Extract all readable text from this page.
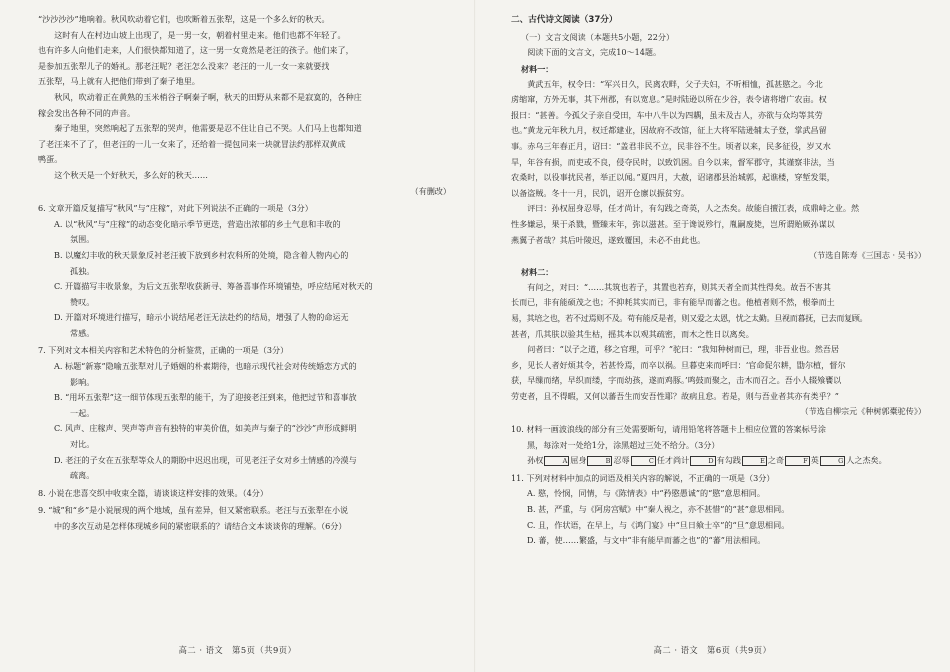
“沙沙沙沙”地响着。秋风吹动着它们，也吹断着五张犁，这是一个多么好的秋天。
这时有人在村边山坡上出现了，是一男一女，朝着村里走来。他们也都不年轻了。
也有许多人向他们走来，人们很快都知道了，这一男一女竟然是老汪的孩子。他们来了，
是参加五张犁儿子的婚礼。那老汪呢？老汪怎么没来？老汪的一儿一女一来就要找
五张犁，马上就有人把他们带到了秦子地里。
秋风，吹动着正在黄熟的玉米梢谷子啊秦子啊，秋天的田野从来都不是寂寞的，各种庄
稼会发出各种不同的声音。
秦子地里，突然响起了五张犁的哭声，他需要是忍不住让自己不哭。人们马上也都知道
了老汪来不了了，但老汪的一儿一女来了，还给着一提包同来一块就冒法约那样双黄成
鸭蛋。
这个秋天是一个好秋天，多么好的秋天……
（有删改）
6. 文章开篇反复描写“秋风”与“庄稼”，对此下列说法不正确的一项是（3分）
A. 以“秋风”与“庄稼”的动态变化暗示季节更迭，营造出浓郁的乡土气息和丰收的
氛围。
B. 以魔幻丰收的秋天景象反衬老汪被下放到乡村农科所的处境，隐含着人物内心的
孤独。
C. 开篇描写丰收景象，为后文五张犁收获新寻、筹备喜事作环境铺垫，呼应结尾对秋天的
赞叹。
D. 开篇对环境进行描写，暗示小说结尾老汪无法赴约的结局，增强了人物的命运无
常感。
7. 下列对文本相关内容和艺术特色的分析鉴赏，正确的一项是（3分）
A. 标题“新寡”隐喻五张犁对儿子婚姻的朴素期待，也暗示现代社会对传统婚恋方式的
影响。
B. “用坏五张犁”这一细节体现五张犁的能干，为了迎接老汪到来，他把过节和喜事放
一起。
C. 风声、庄稼声、哭声等声音有独特的审美价值，如美声与秦子的“沙沙”声形成鲜明
对比。
D. 老汪的子女在五张犁等众人的期盼中迟迟出现，可见老汪子女对乡土情感的冷漠与
疏离。
8. 小说在悲喜交织中收束全篇，请谈谈这样安排的效果。（4分）
9. “城”和“乡”是小说展现的两个地域，虽有差异，但又紧密联系。老汪与五张犁在小说
中的多次互动是怎样体现城乡间的紧密联系的？请结合文本谈谈你的理解。（6分）
高二 · 语文　第5页（共9页）
二、古代诗文阅读（37分）
（一）文言文阅读（本题共5小题，22分）
阅读下面的文言文，完成10～14题。
材料一：
黄武五年，权令曰：“军兴日久，民离农畔，父子夫妇，不听相恤，孤甚愍之。今北
虏缩窜，方外无事，其下州郡，有以宽息。”是时陆逊以所在少谷，表令诸将增广农亩。权
报曰：“甚善。今孤父子亲自受田，车中八牛以为四耦，虽未及古人，亦欲与众均等其劳
也。”黄龙元年秋九月，权迁都建业，因故府不改馆，征上大将军陆逊辅太子登，掌武昌留
事。赤乌三年春正月，诏曰：“盖君非民不立，民非谷不生。顷者以来，民多征役，岁又水
旱，年谷有损，而吏或不良，侵夺民时，以致饥困。自今以来，督军郡守，其谨察非法，当
农桑时，以役事扰民者，举正以闻。”夏四月，大赦，诏诸郡县治城郭，起谯楼，穿堑发渠，
以备盗贼。冬十一月，民饥，诏开仓廪以振贫穷。
评曰：孙权屈身忍辱，任才尚计，有勾践之奇英，人之杰矣。故能自擅江表，成鼎峙之业。然
性多嫌忌，果于杀戮，暨臻末年，弥以滋甚。至于谗说殄行，胤嗣废毙，岂所谓贻厥孙谋以
燕翼子者哉？其后叶陵迟，遂致覆国，未必不由此也。
（节选自陈寿《三国志 · 吴书》）
材料二：
有问之，对曰：“……其筑也若子，其置也若弃，则其天者全而其性得矣。故吾不害其
长而已，非有能硕茂之也；不抑耗其实而已，非有能早而蕃之也。他植者则不然，根拳而土
易，其培之也，若不过焉则不及。苟有能反是者，则又爱之太恩，忧之太勤。旦视而暮抚，已去而复顾。
甚者，爪其肤以验其生枯，摇其本以观其疏密，而木之性日以离矣。
问者曰：“以子之道，移之官理，可乎？”驼曰：“我知种树而已，理，非吾业也。然吾居
乡，见长人者好烦其令，若甚怜焉，而卒以祸。旦暮吏来而呼曰：‘官命促尔耕，勖尔植，督尔
获，早缫而绪，早织而缕，字而幼孩，遂而鸡豚。’鸣鼓而聚之，击木而召之。吾小人辍飧饔以
劳吏者，且不得暇，又何以蕃吾生而安吾性耶？故病且怠。若是，则与吾业者其亦有类乎？”
（节选自柳宗元《种树郭橐驼传》）
10. 材料一画波浪线的部分有三处需要断句，请用铅笔将答题卡上相应位置的答案标号涂
黑，每涂对一处给1分，涂黑超过三处不给分。（3分）
孙权	A 屈身	B 忍辱	C 任才尚计	D 有勾践	E 之奇	F 英	G 人之杰矣。
11. 下列对材料中加点的词语及相关内容的解说，不正确的一项是（3分）
A. 愍，怜悯，同情，与《陈情表》中“矜愍愚诚”的“愍”意思相同。
B. 甚，严重，与《阿房宫赋》中“秦人视之，亦不甚惜”的“甚”意思相同。
C. 且，作状语，在早上，与《鸿门宴》中“旦日飨士卒”的“旦”意思相同。
D. 蕃，使……繁盛，与文中“非有能早而蕃之也”的“蕃”用法相同。
高二 · 语文　第6页（共9页）
